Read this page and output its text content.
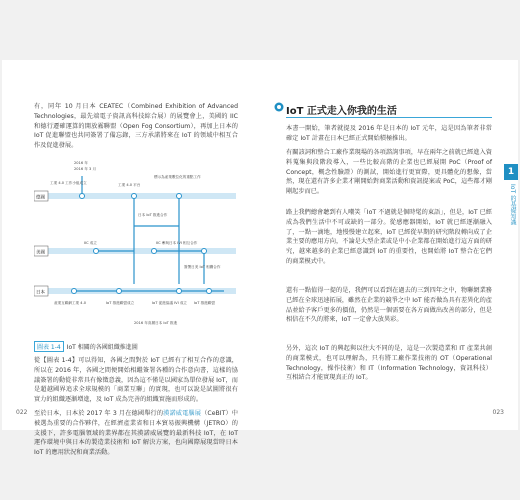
有，同年 10 月日本 CEATEC（Combined Exhibition of Advanced Technologies，最先端電子資訊高科技綜合展）的展覽會上，美國的 IIC 和德行遷確運算的開放霧聯盟（Open Fog Consortium），再加上日本的 IoT 促進聯盟也共同簽署了備忘錄，三方承諾將來在 IoT 的領域中相互合作及促進發展。
德國
美國
日本
2016 年
2016 年 3 月
工業 4.0 工作小組成立	工業 4.0 平台
標示為產業數位化的重點工作
IIC 成立	IIC 參與日本 IVI 相互合作
產業互聯網工業 4.0	IoT 推進聯盟成立
日本 IoT 推進合作
簽署日美 IoT 相關合作
IoT 促進協議 IVI 成立 IoT 推進聯盟
2016 年高層日本 IoT 推進
圖表 1-4 IoT 相關的各國組織推進圖
從【圖表 1-4】可以得知，各國之間對於 IoT 已經有了相互合作的意識，所以在 2016 年，各國之間便開始相繼簽署各種的合作意向書，這樣的協議簽署的動從非常具有像徵意義，因為這不僅是以國家為單位發展 IoT，而是超越國界追求全球規模的「商業互聯」的實現，也可以說是試圖將很有實力的組織逐漸增進，及 IoT 成為完善的組織實施而形成的。
022 至於日本，日本於 2017 年 3 月在德國舉行的漢諾威電腦展（CeBIT）中被選為重要的合作夥伴，在經濟產業省和日本貿易振興機構（JETRO）的支援下，許多電腦領域的業界都在其漢諾威展覽的最新科技 IoT，在 IoT 運作環境中與日本的製造業技術和 IoT 解決方案，也向國際展現當時日本 IoT 的應用狀況和商業活動。
IoT 正式走入你我的生活
本書一開始，筆者就提及 2016 年是日本的 IoT 元年，這是因為筆者非常確定 IoT 計畫在日本已經正式開始積極推出。
有關該詞和整合工廠作業現場的各項諮詢事項，早在兩年之前就已經進入資料蒐集與段階段導入，一些比較高階的企業也已經展開 PoC（Proof of Concept，概念性驗證）的測試，開始進行更實際，更具體化的想像，當然，現在還有許多企業才剛開始對商業活動和資訊提案或 PoC，這些都才剛剛起步而已。
路上我們總會聽到有人嘲笑「IoT 不過就是個時髦的東語」，但是，IoT 已經成為我們生活中不可或缺的一部分。從感應器開始，IoT 就已經逐漸融入了，一點一滴地，地慢慢建立起來，IoT 已經從早期的研究階段轉向成了企業主要的應用方向，不論是大型企業或是中小企業都在開始進行這方面的研究，越來越多的企業已經意識到 IoT 的重要性，也開始將 IoT 整合在它們的商業模式中。
還有一點值得一提的是，我們可以看到在過去的三到四年之中，物聯網業務已經在全球迅速拓展，雖然在企業的競爭之中 IoT 能否做為具有差異化的產品並給予客戶更多的價值，仍然是一個需要在各方面做出改善的部分，但是相信在不久的將來，IoT 一定會大放異彩。
另外，這次 IoT 的興起與以往大不同的是，這是一次製造業和 IT 產業共創的商業模式，也可以理解為，只有將工廠作業技術的 OT（Operational Technology，操作技術）和 IT（Information Technology，資訊科技）互相結合才能實現真正的 IoT。
1
IoT 的基礎知識
023
